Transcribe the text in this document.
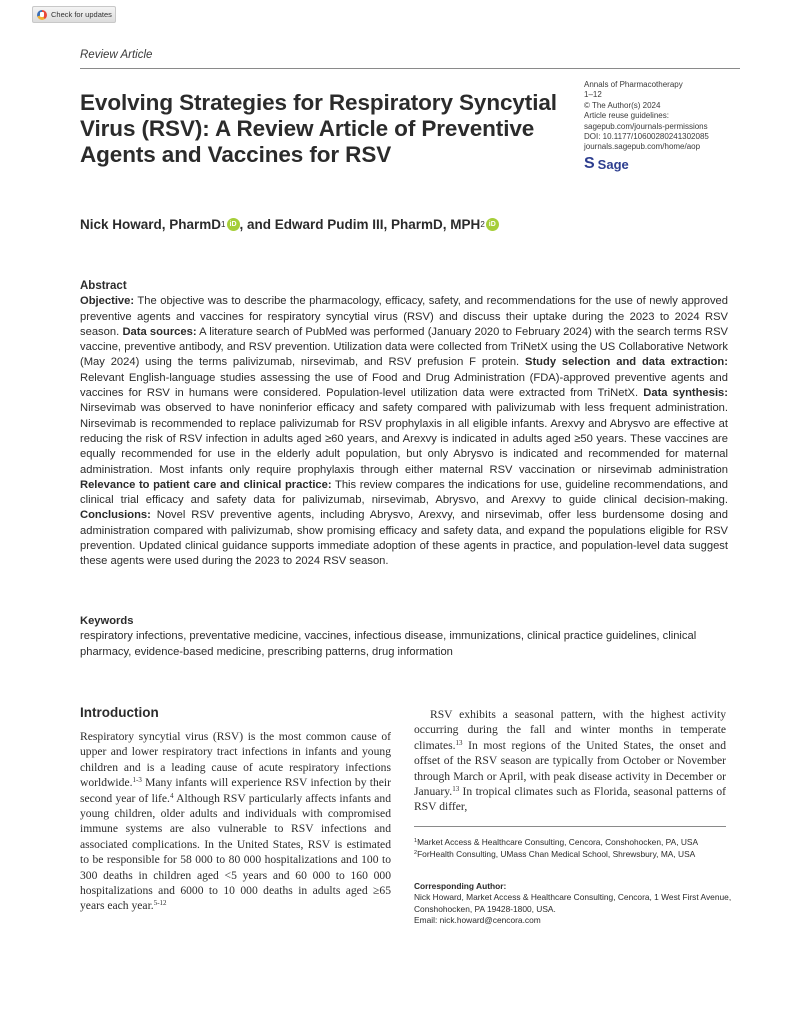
Check for updates
Review Article
Evolving Strategies for Respiratory Syncytial Virus (RSV): A Review Article of Preventive Agents and Vaccines for RSV
Annals of Pharmacotherapy
1–12
© The Author(s) 2024
Article reuse guidelines:
sagepub.com/journals-permissions
DOI: 10.1177/10600280241302085
journals.sagepub.com/home/aop
S Sage
Nick Howard, PharmD 1 iD , and Edward Pudim III, PharmD, MPH 2 iD
Abstract
Objective: The objective was to describe the pharmacology, efficacy, safety, and recommendations for the use of newly approved preventive agents and vaccines for respiratory syncytial virus (RSV) and discuss their uptake during the 2023 to 2024 RSV season. Data sources: A literature search of PubMed was performed (January 2020 to February 2024) with the search terms RSV vaccine, preventive antibody, and RSV prevention. Utilization data were collected from TriNetX using the US Collaborative Network (May 2024) using the terms palivizumab, nirsevimab, and RSV prefusion F protein. Study selection and data extraction: Relevant English-language studies assessing the use of Food and Drug Administration (FDA)-approved preventive agents and vaccines for RSV in humans were considered. Population-level utilization data were extracted from TriNetX. Data synthesis: Nirsevimab was observed to have noninferior efficacy and safety compared with palivizumab with less frequent administration. Nirsevimab is recommended to replace palivizumab for RSV prophylaxis in all eligible infants. Arexvy and Abrysvo are effective at reducing the risk of RSV infection in adults aged ≥60 years, and Arexvy is indicated in adults aged ≥50 years. These vaccines are equally recommended for use in the elderly adult population, but only Abrysvo is indicated and recommended for maternal administration. Most infants only require prophylaxis through either maternal RSV vaccination or nirsevimab administration Relevance to patient care and clinical practice: This review compares the indications for use, guideline recommendations, and clinical trial efficacy and safety data for palivizumab, nirsevimab, Abrysvo, and Arexvy to guide clinical decision-making. Conclusions: Novel RSV preventive agents, including Abrysvo, Arexvy, and nirsevimab, offer less burdensome dosing and administration compared with palivizumab, show promising efficacy and safety data, and expand the populations eligible for RSV prevention. Updated clinical guidance supports immediate adoption of these agents in practice, and population-level data suggest these agents were used during the 2023 to 2024 RSV season.
Keywords
respiratory infections, preventative medicine, vaccines, infectious disease, immunizations, clinical practice guidelines, clinical pharmacy, evidence-based medicine, prescribing patterns, drug information
Introduction
Respiratory syncytial virus (RSV) is the most common cause of upper and lower respiratory tract infections in infants and young children and is a leading cause of acute respiratory infections worldwide.$^{1-3}$ Many infants will experience RSV infection by their second year of life.$^4$ Although RSV particularly affects infants and young children, older adults and individuals with compromised immune systems are also vulnerable to RSV infections and associated complications. In the United States, RSV is estimated to be responsible for 58 000 to 80 000 hospitalizations and 100 to 300 deaths in children aged <5 years and 60 000 to 160 000 hospitalizations and 6000 to 10 000 deaths in adults aged ≥65 years each year.$^{5-12}$
RSV exhibits a seasonal pattern, with the highest activity occurring during the fall and winter months in temperate climates.$^{13}$ In most regions of the United States, the onset and offset of the RSV season are typically from October or November through March or April, with peak disease activity in December or January.$^{13}$ In tropical climates such as Florida, seasonal patterns of RSV differ,
$^1$Market Access & Healthcare Consulting, Cencora, Conshohocken, PA, USA
$^2$ForHealth Consulting, UMass Chan Medical School, Shrewsbury, MA, USA
Corresponding Author:
Nick Howard, Market Access & Healthcare Consulting, Cencora, 1 West First Avenue, Conshohocken, PA 19428-1800, USA.
Email: nick.howard@cencora.com
